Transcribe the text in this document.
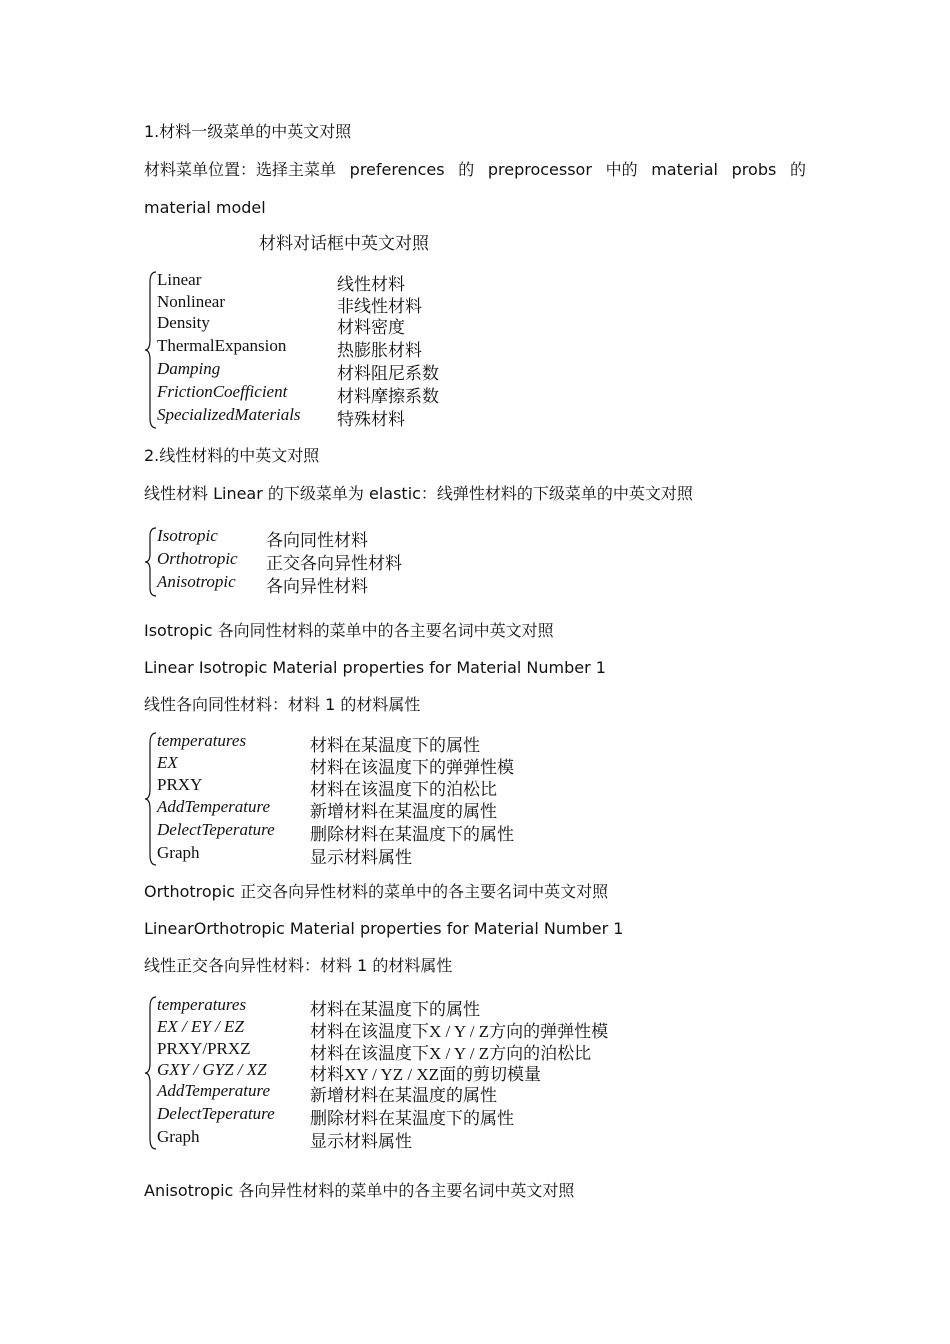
1.材料一级菜单的中英文对照
材料菜单位置：选择主菜单 preferences 的 preprocessor 中的 material probs 的
material model
材料对话框中英文对照
Linear	线性材料
Nonlinear	非线性材料
Density	材料密度
ThermalExpansion	热膨胀材料
Damping	材料阻尼系数
FrictionCoefficient	材料摩擦系数
SpecializedMaterials 特殊材料
2.线性材料的中英文对照
线性材料 Linear 的下级菜单为 elastic：线弹性材料的下级菜单的中英文对照
Isotropic	各向同性材料
Orthotropic 正交各向异性材料
Anisotropic 各向异性材料
Isotropic 各向同性材料的菜单中的各主要名词中英文对照
Linear Isotropic Material properties for Material Number 1
线性各向同性材料：材料 1 的材料属性
temperatures	材料在某温度下的属性
EX	材料在该温度下的弹弹性模
PRXY	材料在该温度下的泊松比
AddTemperature 新增材料在某温度的属性
DelectTeperature 删除材料在某温度下的属性
Graph	显示材料属性
Orthotropic 正交各向异性材料的菜单中的各主要名词中英文对照
LinearOrthotropic Material properties for Material Number 1
线性正交各向异性材料：材料 1 的材料属性
temperatures	材料在某温度下的属性
EX / EY / EZ	材料在该温度下X / Y / Z方向的弹弹性模
PRXY/PRXZ	材料在该温度下X / Y / Z方向的泊松比
GXY / GYZ / XZ	材料XY / YZ / XZ面的剪切模量
AddTemperature 新增材料在某温度的属性
DelectTeperature 删除材料在某温度下的属性
Graph	显示材料属性
Anisotropic 各向异性材料的菜单中的各主要名词中英文对照
